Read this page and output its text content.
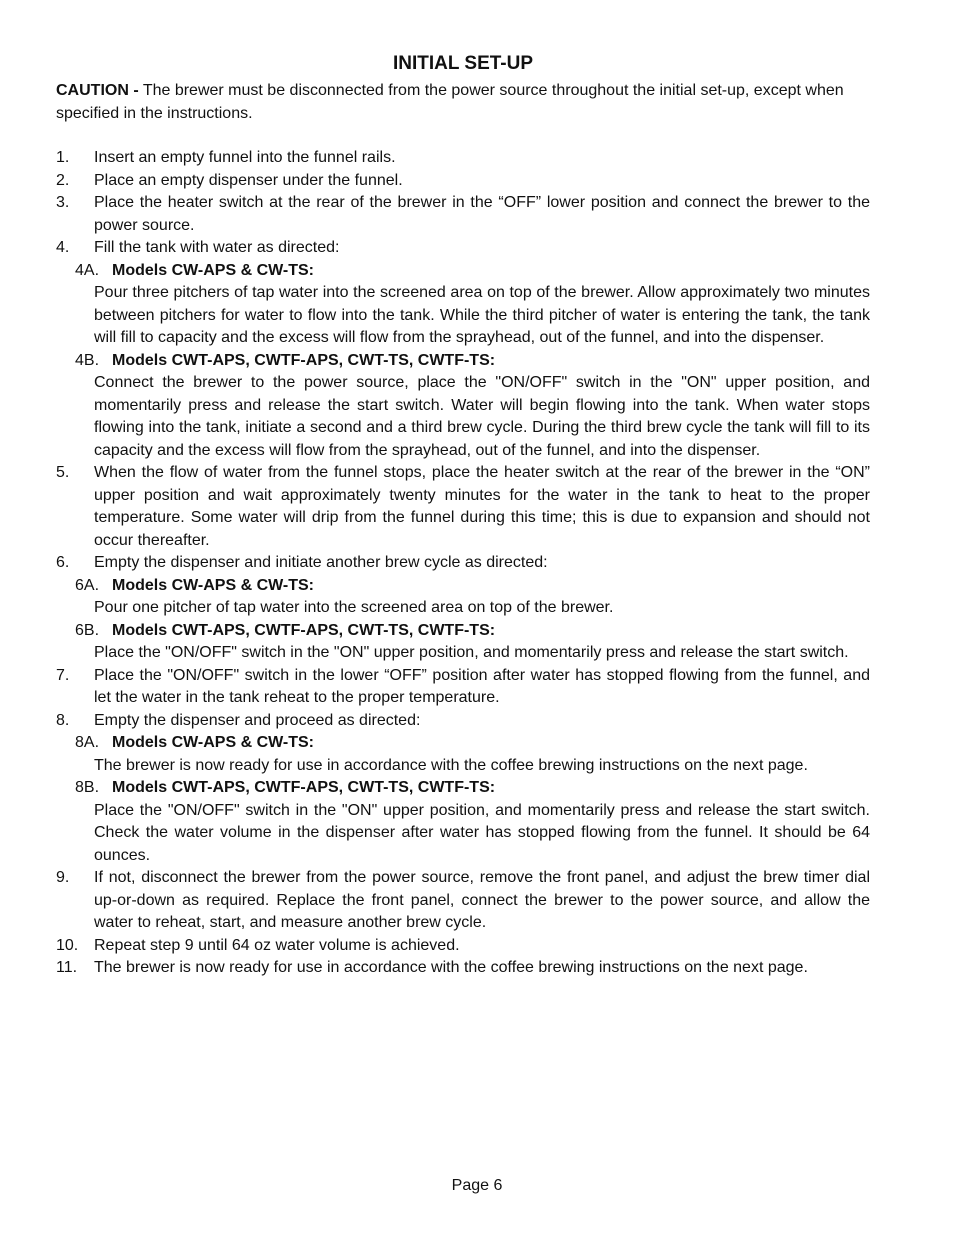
INITIAL SET-UP

CAUTION - The brewer must be disconnected from the power source throughout the initial set-up, except when specified in the instructions.

1. Insert an empty funnel into the funnel rails.
2. Place an empty dispenser under the funnel.
3. Place the heater switch at the rear of the brewer in the “OFF” lower position and connect the brewer to the power source.
4. Fill the tank with water as directed:
4A. Models CW-APS & CW-TS:
Pour three pitchers of tap water into the screened area on top of the brewer. Allow approximately two minutes between pitchers for water to flow into the tank. While the third pitcher of water is entering the tank, the tank will fill to capacity and the excess will flow from the sprayhead, out of the funnel, and into the dispenser.
4B. Models CWT-APS, CWTF-APS, CWT-TS, CWTF-TS:
Connect the brewer to the power source, place the "ON/OFF" switch in the "ON" upper position, and momentarily press and release the start switch. Water will begin flowing into the tank. When water stops flowing into the tank, initiate a second and a third brew cycle. During the third brew cycle the tank will fill to its capacity and the excess will flow from the sprayhead, out of the funnel, and into the dispenser.
5. When the flow of water from the funnel stops, place the heater switch at the rear of the brewer in the “ON” upper position and wait approximately twenty minutes for the water in the tank to heat to the proper temperature. Some water will drip from the funnel during this time; this is due to expansion and should not occur thereafter.
6. Empty the dispenser and initiate another brew cycle as directed:
6A. Models CW-APS & CW-TS:
Pour one pitcher of tap water into the screened area on top of the brewer.
6B. Models CWT-APS, CWTF-APS, CWT-TS, CWTF-TS:
Place the "ON/OFF" switch in the "ON" upper position, and momentarily press and release the start switch.
7. Place the "ON/OFF" switch in the lower “OFF” position after water has stopped flowing from the funnel, and let the water in the tank reheat to the proper temperature.
8. Empty the dispenser and proceed as directed:
8A. Models CW-APS & CW-TS:
The brewer is now ready for use in accordance with the coffee brewing instructions on the next page.
8B. Models CWT-APS, CWTF-APS, CWT-TS, CWTF-TS:
Place the "ON/OFF" switch in the "ON" upper position, and momentarily press and release the start switch. Check the water volume in the dispenser after water has stopped flowing from the funnel. It should be 64 ounces.
9. If not, disconnect the brewer from the power source, remove the front panel, and adjust the brew timer dial up-or-down as required. Replace the front panel, connect the brewer to the power source, and allow the water to reheat, start, and measure another brew cycle.
10. Repeat step 9 until 64 oz water volume is achieved.
11. The brewer is now ready for use in accordance with the coffee brewing instructions on the next page.
Page 6
